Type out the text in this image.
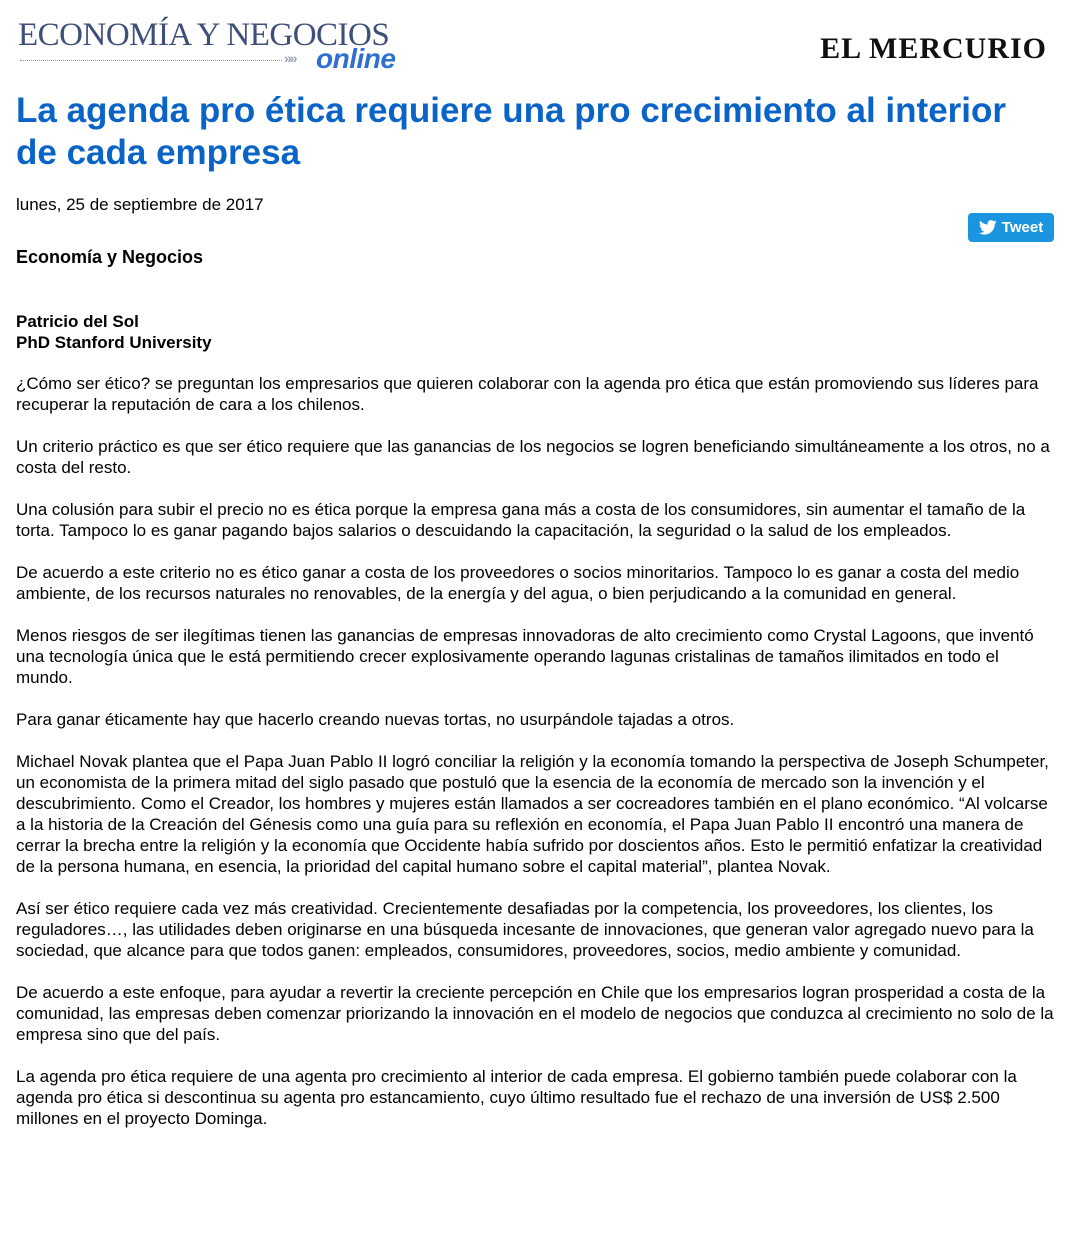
ECONOMÍA Y NEGOCIOS
»» online	EL MERCURIO
Tweet
La agenda pro ética requiere una pro crecimiento al interior de cada empresa
lunes, 25 de septiembre de 2017
Economía y Negocios
Patricio del Sol
PhD Stanford University

¿Cómo ser ético? se preguntan los empresarios que quieren colaborar con la agenda pro ética que están promoviendo sus líderes para recuperar la reputación de cara a los chilenos.

Un criterio práctico es que ser ético requiere que las ganancias de los negocios se logren beneficiando simultáneamente a los otros, no a costa del resto.

Una colusión para subir el precio no es ética porque la empresa gana más a costa de los consumidores, sin aumentar el tamaño de la torta. Tampoco lo es ganar pagando bajos salarios o descuidando la capacitación, la seguridad o la salud de los empleados.

De acuerdo a este criterio no es ético ganar a costa de los proveedores o socios minoritarios. Tampoco lo es ganar a costa del medio ambiente, de los recursos naturales no renovables, de la energía y del agua, o bien perjudicando a la comunidad en general.

Menos riesgos de ser ilegítimas tienen las ganancias de empresas innovadoras de alto crecimiento como Crystal Lagoons, que inventó una tecnología única que le está permitiendo crecer explosivamente operando lagunas cristalinas de tamaños ilimitados en todo el mundo.

Para ganar éticamente hay que hacerlo creando nuevas tortas, no usurpándole tajadas a otros.

Michael Novak plantea que el Papa Juan Pablo II logró conciliar la religión y la economía tomando la perspectiva de Joseph Schumpeter, un economista de la primera mitad del siglo pasado que postuló que la esencia de la economía de mercado son la invención y el descubrimiento. Como el Creador, los hombres y mujeres están llamados a ser cocreadores también en el plano económico. “Al volcarse a la historia de la Creación del Génesis como una guía para su reflexión en economía, el Papa Juan Pablo II encontró una manera de cerrar la brecha entre la religión y la economía que Occidente había sufrido por doscientos años. Esto le permitió enfatizar la creatividad de la persona humana, en esencia, la prioridad del capital humano sobre el capital material”, plantea Novak.

Así ser ético requiere cada vez más creatividad. Crecientemente desafiadas por la competencia, los proveedores, los clientes, los reguladores…, las utilidades deben originarse en una búsqueda incesante de innovaciones, que generan valor agregado nuevo para la sociedad, que alcance para que todos ganen: empleados, consumidores, proveedores, socios, medio ambiente y comunidad.

De acuerdo a este enfoque, para ayudar a revertir la creciente percepción en Chile que los empresarios logran prosperidad a costa de la comunidad, las empresas deben comenzar priorizando la innovación en el modelo de negocios que conduzca al crecimiento no solo de la empresa sino que del país.

La agenda pro ética requiere de una agenta pro crecimiento al interior de cada empresa. El gobierno también puede colaborar con la agenda pro ética si descontinua su agenta pro estancamiento, cuyo último resultado fue el rechazo de una inversión de US$ 2.500 millones en el proyecto Dominga.
